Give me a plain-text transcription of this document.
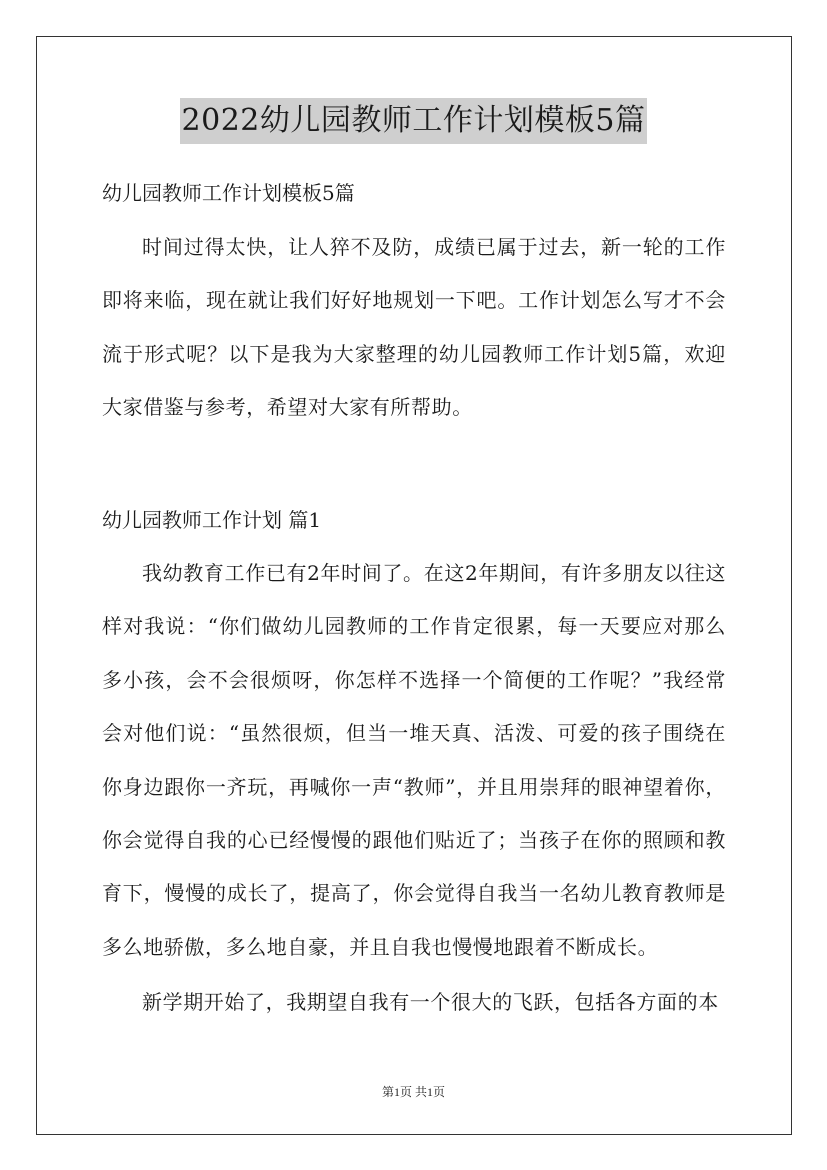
2022幼儿园教师工作计划模板5篇
幼儿园教师工作计划模板5篇
时间过得太快，让人猝不及防，成绩已属于过去，新一轮的工作即将来临，现在就让我们好好地规划一下吧。工作计划怎么写才不会流于形式呢？以下是我为大家整理的幼儿园教师工作计划5篇，欢迎大家借鉴与参考，希望对大家有所帮助。
幼儿园教师工作计划 篇1
我幼教育工作已有2年时间了。在这2年期间，有许多朋友以往这样对我说：“你们做幼儿园教师的工作肯定很累，每一天要应对那么多小孩，会不会很烦呀，你怎样不选择一个简便的工作呢？”我经常会对他们说：“虽然很烦，但当一堆天真、活泼、可爱的孩子围绕在你身边跟你一齐玩，再喊你一声“教师”，并且用崇拜的眼神望着你，你会觉得自我的心已经慢慢的跟他们贴近了；当孩子在你的照顾和教育下，慢慢的成长了，提高了，你会觉得自我当一名幼儿教育教师是多么地骄傲，多么地自豪，并且自我也慢慢地跟着不断成长。
新学期开始了，我期望自我有一个很大的飞跃，包括各方面的本
第1页 共1页
